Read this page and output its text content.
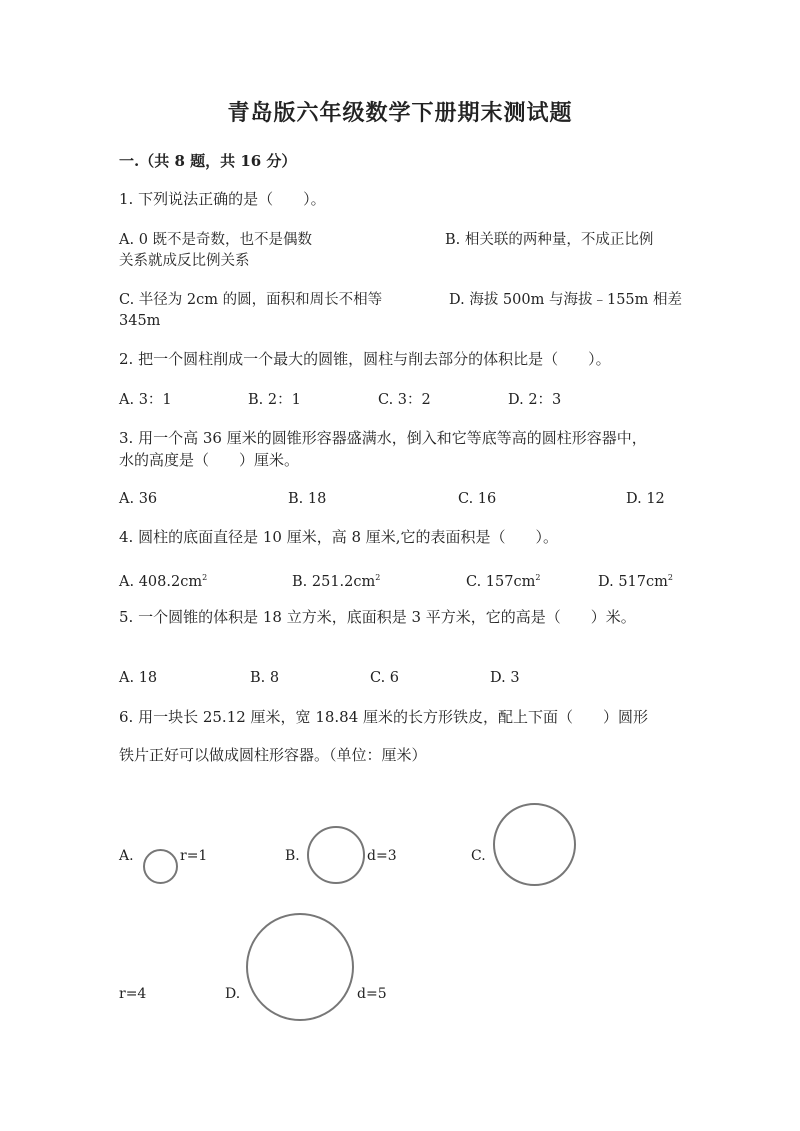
青岛版六年级数学下册期末测试题
一.（共 8 题，共 16 分）
1. 下列说法正确的是（　　）。
A. 0 既不是奇数，也不是偶数	B. 相关联的两种量，不成正比例
关系就成反比例关系
C. 半径为 2cm 的圆，面积和周长不相等	D. 海拔 500m 与海拔﹣155m 相差
345m
2. 把一个圆柱削成一个最大的圆锥，圆柱与削去部分的体积比是（　　）。
A. 3：1	B. 2：1	C. 3：2	D. 2：3
3. 用一个高 36 厘米的圆锥形容器盛满水，倒入和它等底等高的圆柱形容器中，
水的高度是（　　）厘米。
A. 36	B. 18	C. 16	D. 12
4. 圆柱的底面直径是 10 厘米，高 8 厘米,它的表面积是（　　）。
A. $408.2cm^2$	B. $251.2cm^2$	C. $157cm^2$	D. $517cm^2$
5. 一个圆锥的体积是 18 立方米，底面积是 3 平方米，它的高是（　　）米。
A. 18	B. 8	C. 6	D. 3
6. 用一块长 25.12 厘米，宽 18.84 厘米的长方形铁皮，配上下面（　　）圆形
铁片正好可以做成圆柱形容器。（单位：厘米）
A.	r=1	B.	d=3	C.
r=4	D.	d=5
